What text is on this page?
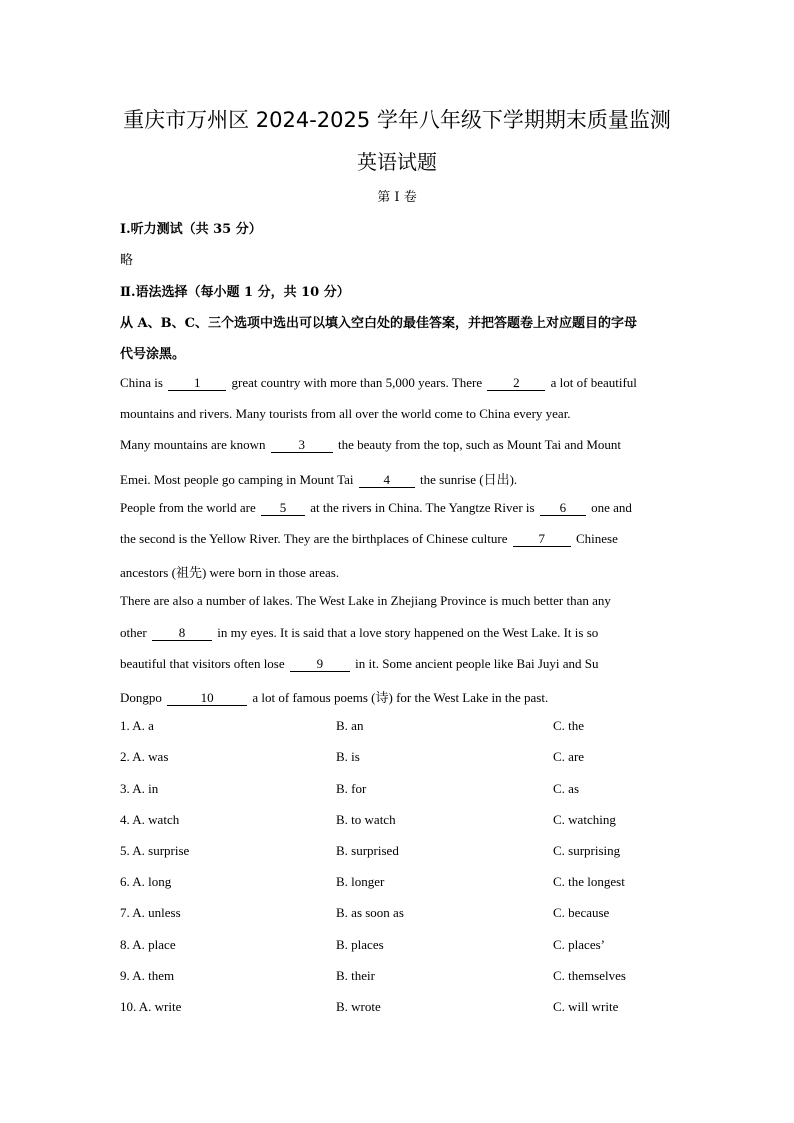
重庆市万州区 2024-2025 学年八年级下学期期末质量监测
英语试题
第 I 卷
Ⅰ.听力测试（共 35 分）
略
Ⅱ.语法选择（每小题 1 分，共 10 分）
从 A、B、C、三个选项中选出可以填入空白处的最佳答案，并把答题卷上对应题目的字母
代号涂黑。
China is 1 great country with more than 5,000 years. There 2 a lot of beautiful
mountains and rivers. Many tourists from all over the world come to China every year.
Many mountains are known	3	the beauty from the top, such as Mount Tai and Mount
Emei. Most people go camping in Mount Tai 4 the sunrise (日出).
People from the world are 5 at the rivers in China. The Yangtze River is 6 one and
the second is the Yellow River. They are the birthplaces of Chinese culture 7 Chinese
ancestors (祖先) were born in those areas.
There are also a number of lakes. The West Lake in Zhejiang Province is much better than any
other 8 in my eyes. It is said that a love story happened on the West Lake. It is so
beautiful that visitors often lose 9 in it. Some ancient people like Bai Juyi and Su
Dongpo	10	a lot of famous poems (诗) for the West Lake in the past.
1. A. a	B. an	C. the
2. A. was	B. is	C. are
3. A. in	B. for	C. as
4. A. watch	B. to watch	C. watching
5. A. surprise	B. surprised	C. surprising
6. A. long	B. longer	C. the longest
7. A. unless	B. as soon as	C. because
8. A. place	B. places	C. places’
9. A. them	B. their	C. themselves
10. A. write	B. wrote	C. will write
